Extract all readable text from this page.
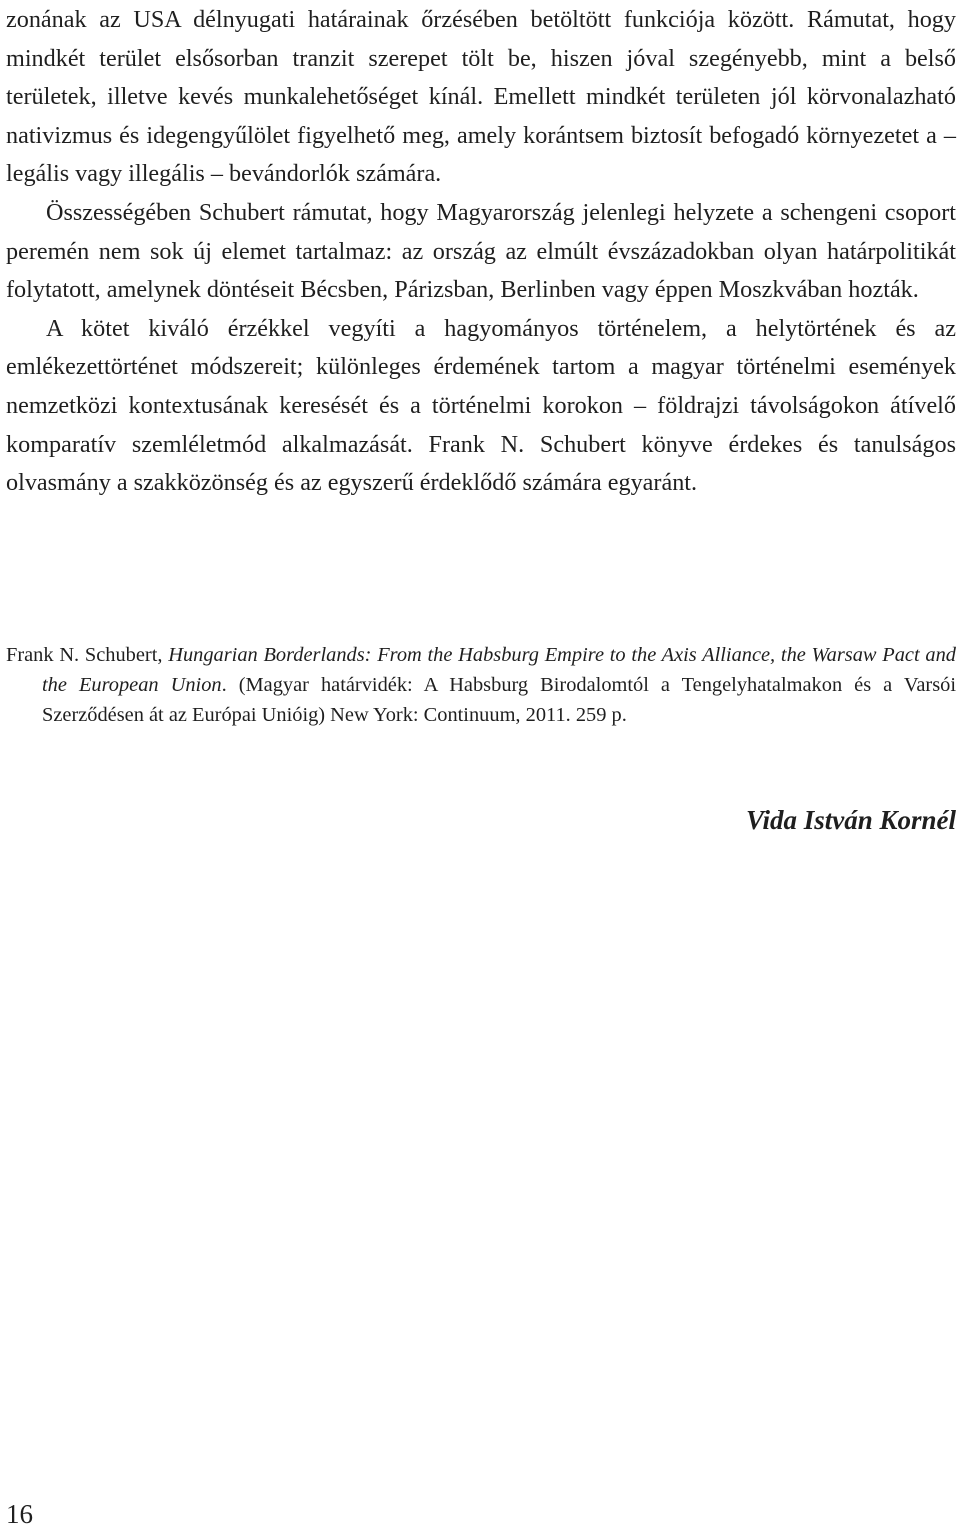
zonának az USA délnyugati határainak őrzésében betöltött funkciója között. Rámutat, hogy mindkét terület elsősorban tranzit szerepet tölt be, hiszen jóval szegényebb, mint a belső területek, illetve kevés munkalehetőséget kínál. Emellett mindkét területen jól körvonalazható nativizmus és idegengyűlölet figyelhető meg, amely korántsem biztosít befogadó környezetet a – legális vagy illegális – bevándorlók számára.

Összességében Schubert rámutat, hogy Magyarország jelenlegi helyzete a schengeni csoport peremén nem sok új elemet tartalmaz: az ország az elmúlt évszázadokban olyan határpolitikát folytatott, amelynek döntéseit Bécsben, Párizsban, Berlinben vagy éppen Moszkvában hozták.

A kötet kiváló érzékkel vegyíti a hagyományos történelem, a helytörtének és az emlékezettörténet módszereit; különleges érdemének tartom a magyar történelmi események nemzetközi kontextusának keresését és a történelmi korokon – földrajzi távolságokon átívelő komparatív szemléletmód alkalmazását. Frank N. Schubert könyve érdekes és tanulságos olvasmány a szakközönség és az egyszerű érdeklődő számára egyaránt.

Frank N. Schubert, Hungarian Borderlands: From the Habsburg Empire to the Axis Alliance, the Warsaw Pact and the European Union. (Magyar határvidék: A Habsburg Birodalomtól a Tengelyhatalmakon és a Varsói Szerződésen át az Európai Unióig) New York: Continuum, 2011. 259 p.

Vida István Kornél

16
